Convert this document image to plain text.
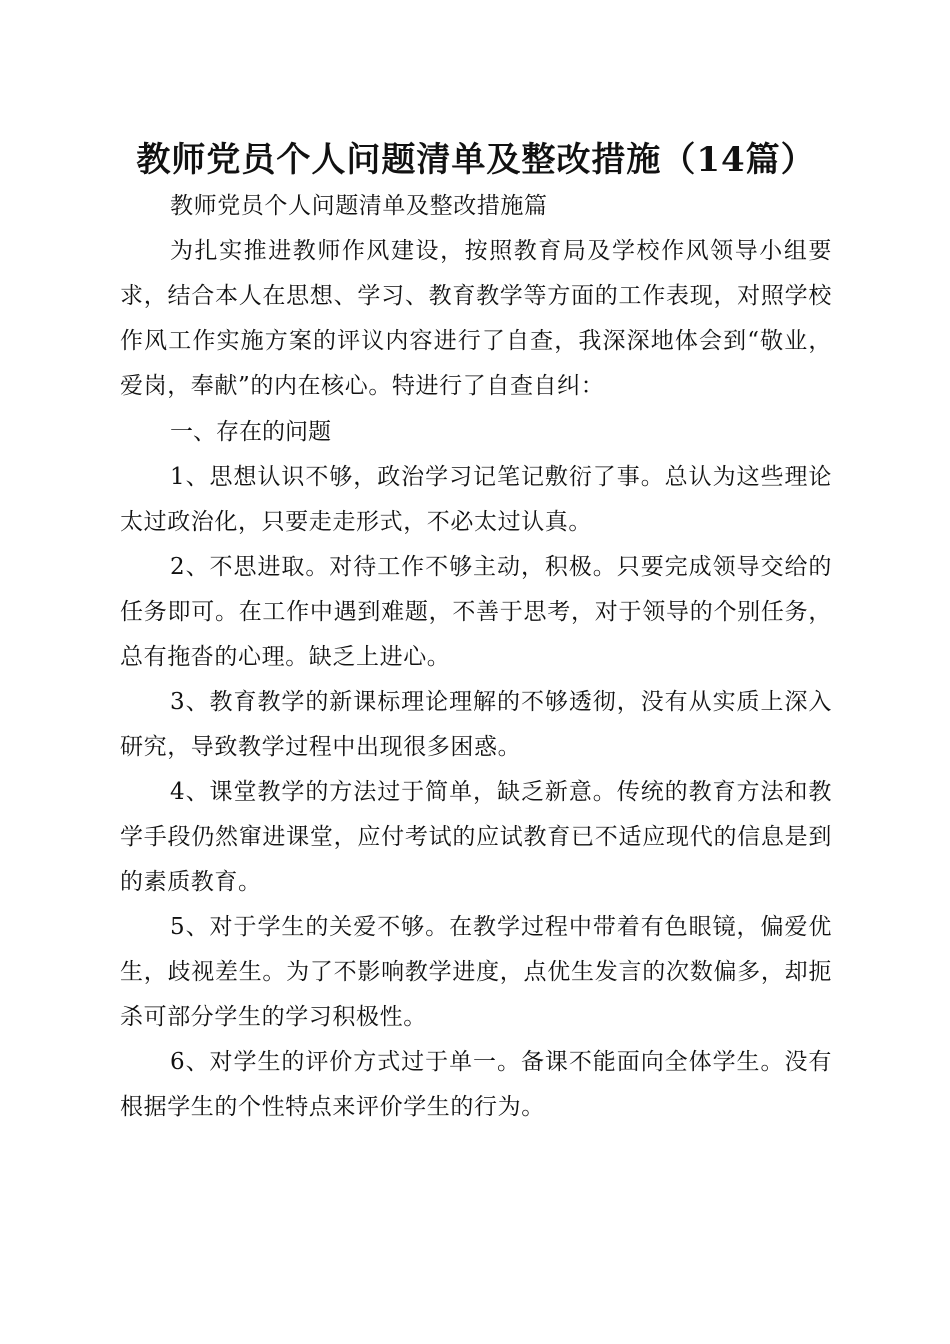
教师党员个人问题清单及整改措施（14篇）

教师党员个人问题清单及整改措施篇

为扎实推进教师作风建设，按照教育局及学校作风领导小组要求，结合本人在思想、学习、教育教学等方面的工作表现，对照学校作风工作实施方案的评议内容进行了自查，我深深地体会到“敬业，爱岗，奉献”的内在核心。特进行了自查自纠：

一、存在的问题

1、思想认识不够，政治学习记笔记敷衍了事。总认为这些理论太过政治化，只要走走形式，不必太过认真。

2、不思进取。对待工作不够主动，积极。只要完成领导交给的任务即可。在工作中遇到难题，不善于思考，对于领导的个别任务，总有拖沓的心理。缺乏上进心。

3、教育教学的新课标理论理解的不够透彻，没有从实质上深入研究，导致教学过程中出现很多困惑。

4、课堂教学的方法过于简单，缺乏新意。传统的教育方法和教学手段仍然窜进课堂，应付考试的应试教育已不适应现代的信息是到的素质教育。

5、对于学生的关爱不够。在教学过程中带着有色眼镜，偏爱优生，歧视差生。为了不影响教学进度，点优生发言的次数偏多，却扼杀可部分学生的学习积极性。

6、对学生的评价方式过于单一。备课不能面向全体学生。没有根据学生的个性特点来评价学生的行为。
